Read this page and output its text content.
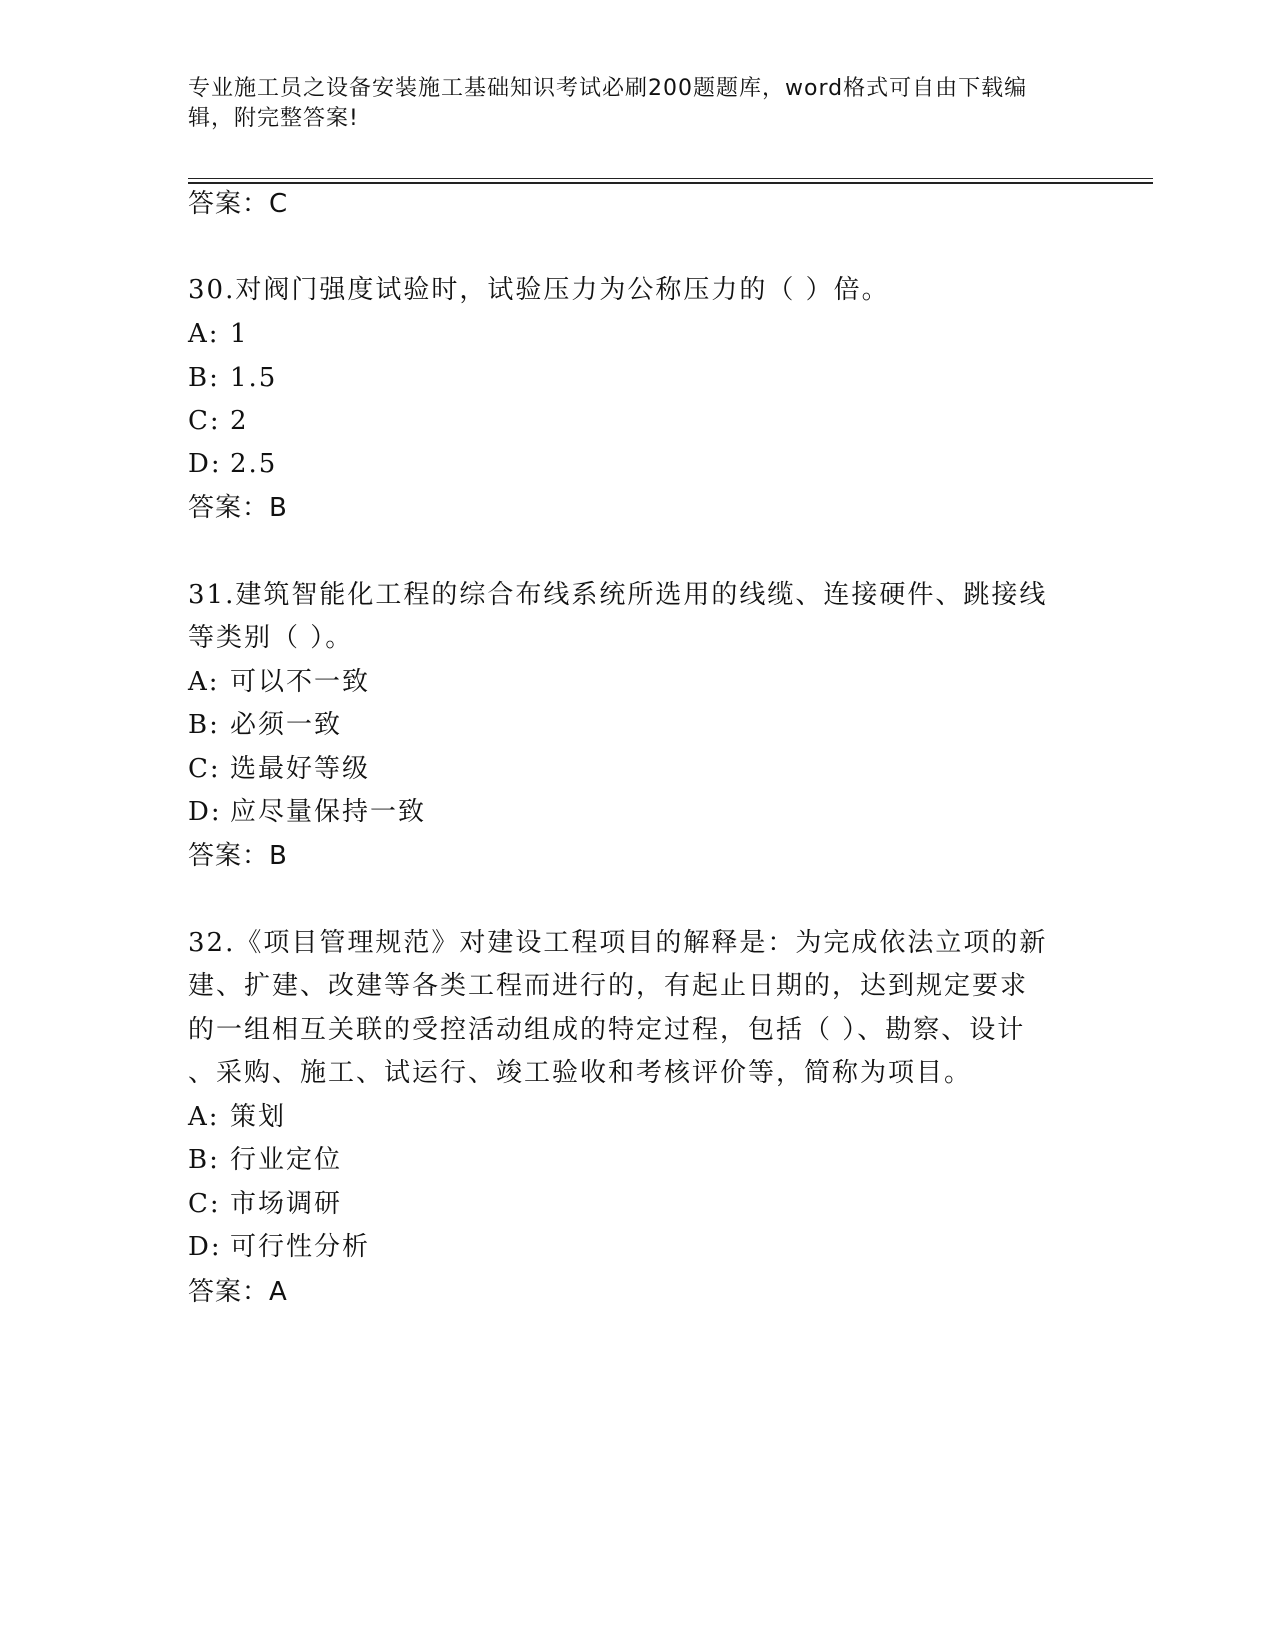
专业施工员之设备安装施工基础知识考试必刷200题题库，word格式可自由下载编辑，附完整答案!
答案：C
30.对阀门强度试验时，试验压力为公称压力的（ ）倍。
A: 1
B: 1.5
C: 2
D: 2.5
答案：B
31.建筑智能化工程的综合布线系统所选用的线缆、连接硬件、跳接线
等类别（ ）。
A: 可以不一致
B: 必须一致
C: 选最好等级
D: 应尽量保持一致
答案：B
32.《项目管理规范》对建设工程项目的解释是：为完成依法立项的新
建、扩建、改建等各类工程而进行的，有起止日期的，达到规定要求
的一组相互关联的受控活动组成的特定过程，包括（ ）、勘察、设计
、采购、施工、试运行、竣工验收和考核评价等，简称为项目。
A: 策划
B: 行业定位
C: 市场调研
D: 可行性分析
答案：A
